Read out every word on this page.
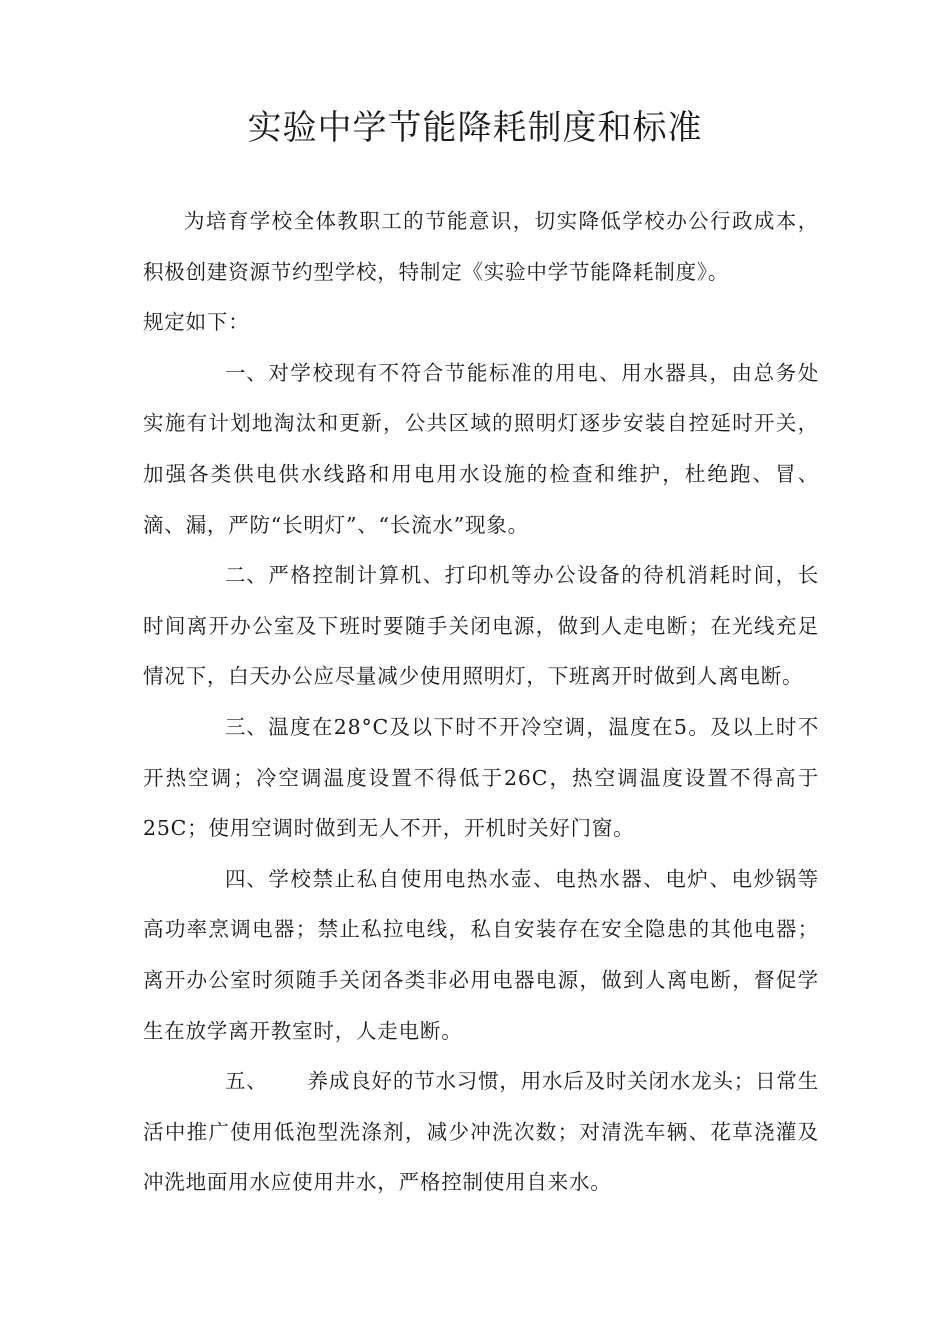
实验中学节能降耗制度和标准

为培育学校全体教职工的节能意识，切实降低学校办公行政成本，积极创建资源节约型学校，特制定《实验中学节能降耗制度》。

规定如下：

一、对学校现有不符合节能标准的用电、用水器具，由总务处实施有计划地淘汰和更新，公共区域的照明灯逐步安装自控延时开关，加强各类供电供水线路和用电用水设施的检查和维护，杜绝跑、冒、滴、漏，严防“长明灯”、“长流水”现象。

二、严格控制计算机、打印机等办公设备的待机消耗时间，长时间离开办公室及下班时要随手关闭电源，做到人走电断；在光线充足情况下，白天办公应尽量减少使用照明灯，下班离开时做到人离电断。

三、温度在28°C及以下时不开冷空调，温度在5。及以上时不开热空调；冷空调温度设置不得低于26C，热空调温度设置不得高于25C；使用空调时做到无人不开，开机时关好门窗。

四、学校禁止私自使用电热水壶、电热水器、电炉、电炒锅等高功率烹调电器；禁止私拉电线，私自安装存在安全隐患的其他电器；离开办公室时须随手关闭各类非必用电器电源，做到人离电断，督促学生在放学离开教室时，人走电断。

五、 养成良好的节水习惯，用水后及时关闭水龙头；日常生活中推广使用低泡型洗涤剂，减少冲洗次数；对清洗车辆、花草浇灌及冲洗地面用水应使用井水，严格控制使用自来水。
